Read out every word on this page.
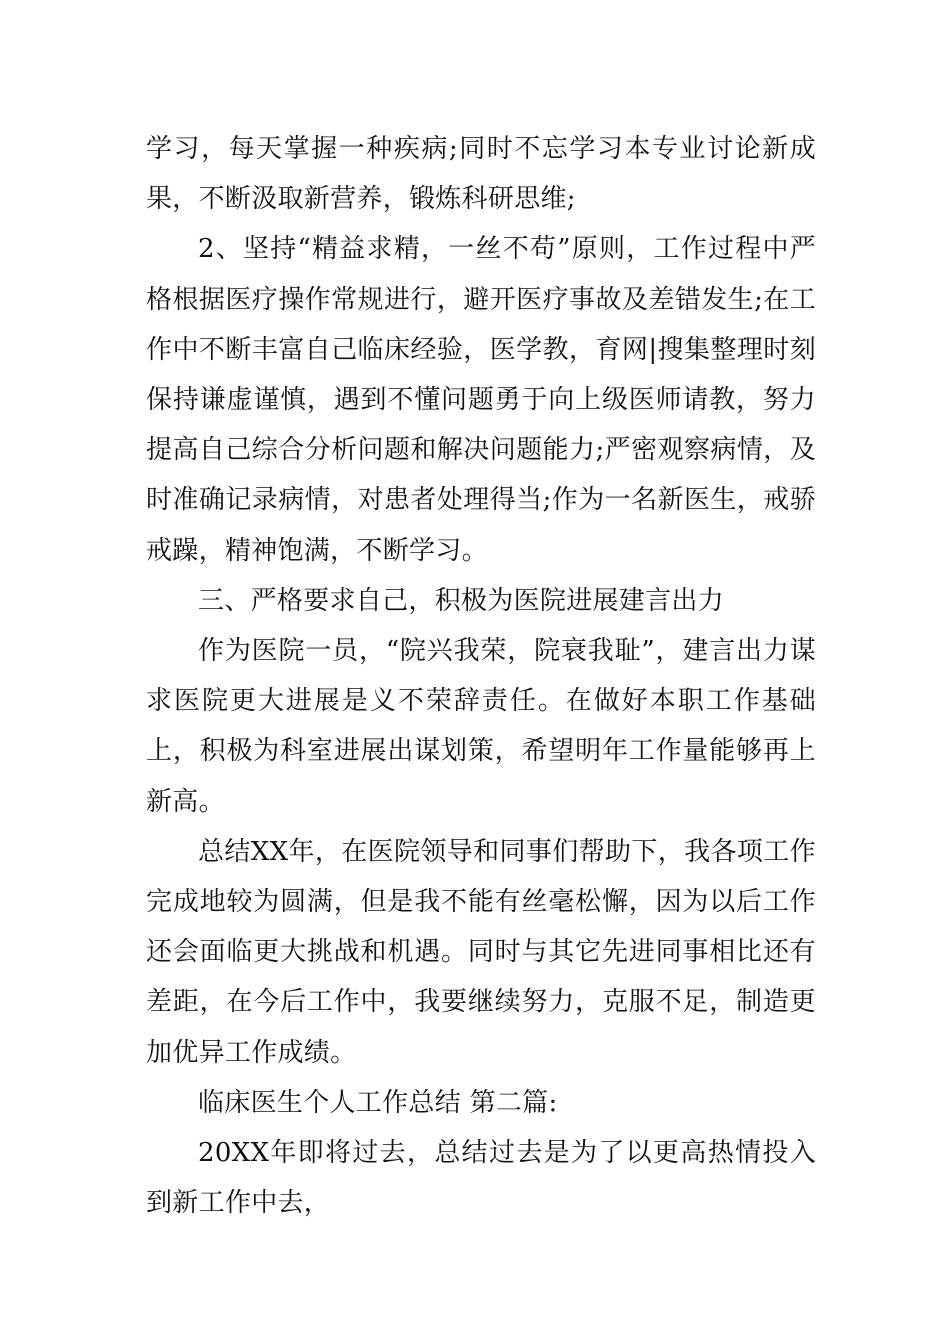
学习，每天掌握一种疾病;同时不忘学习本专业讨论新成果，不断汲取新营养，锻炼科研思维;

2、坚持“精益求精，一丝不苟”原则，工作过程中严格根据医疗操作常规进行，避开医疗事故及差错发生;在工作中不断丰富自己临床经验，医学教，育网|搜集整理时刻保持谦虚谨慎，遇到不懂问题勇于向上级医师请教，努力提高自己综合分析问题和解决问题能力;严密观察病情，及时准确记录病情，对患者处理得当;作为一名新医生，戒骄戒躁，精神饱满，不断学习。

三、严格要求自己，积极为医院进展建言出力

作为医院一员，“院兴我荣，院衰我耻”，建言出力谋求医院更大进展是义不荣辞责任。在做好本职工作基础上，积极为科室进展出谋划策，希望明年工作量能够再上新高。

总结XX年，在医院领导和同事们帮助下，我各项工作完成地较为圆满，但是我不能有丝毫松懈，因为以后工作还会面临更大挑战和机遇。同时与其它先进同事相比还有差距，在今后工作中，我要继续努力，克服不足，制造更加优异工作成绩。

临床医生个人工作总结 第二篇:

20XX年即将过去，总结过去是为了以更高热情投入到新工作中去，
